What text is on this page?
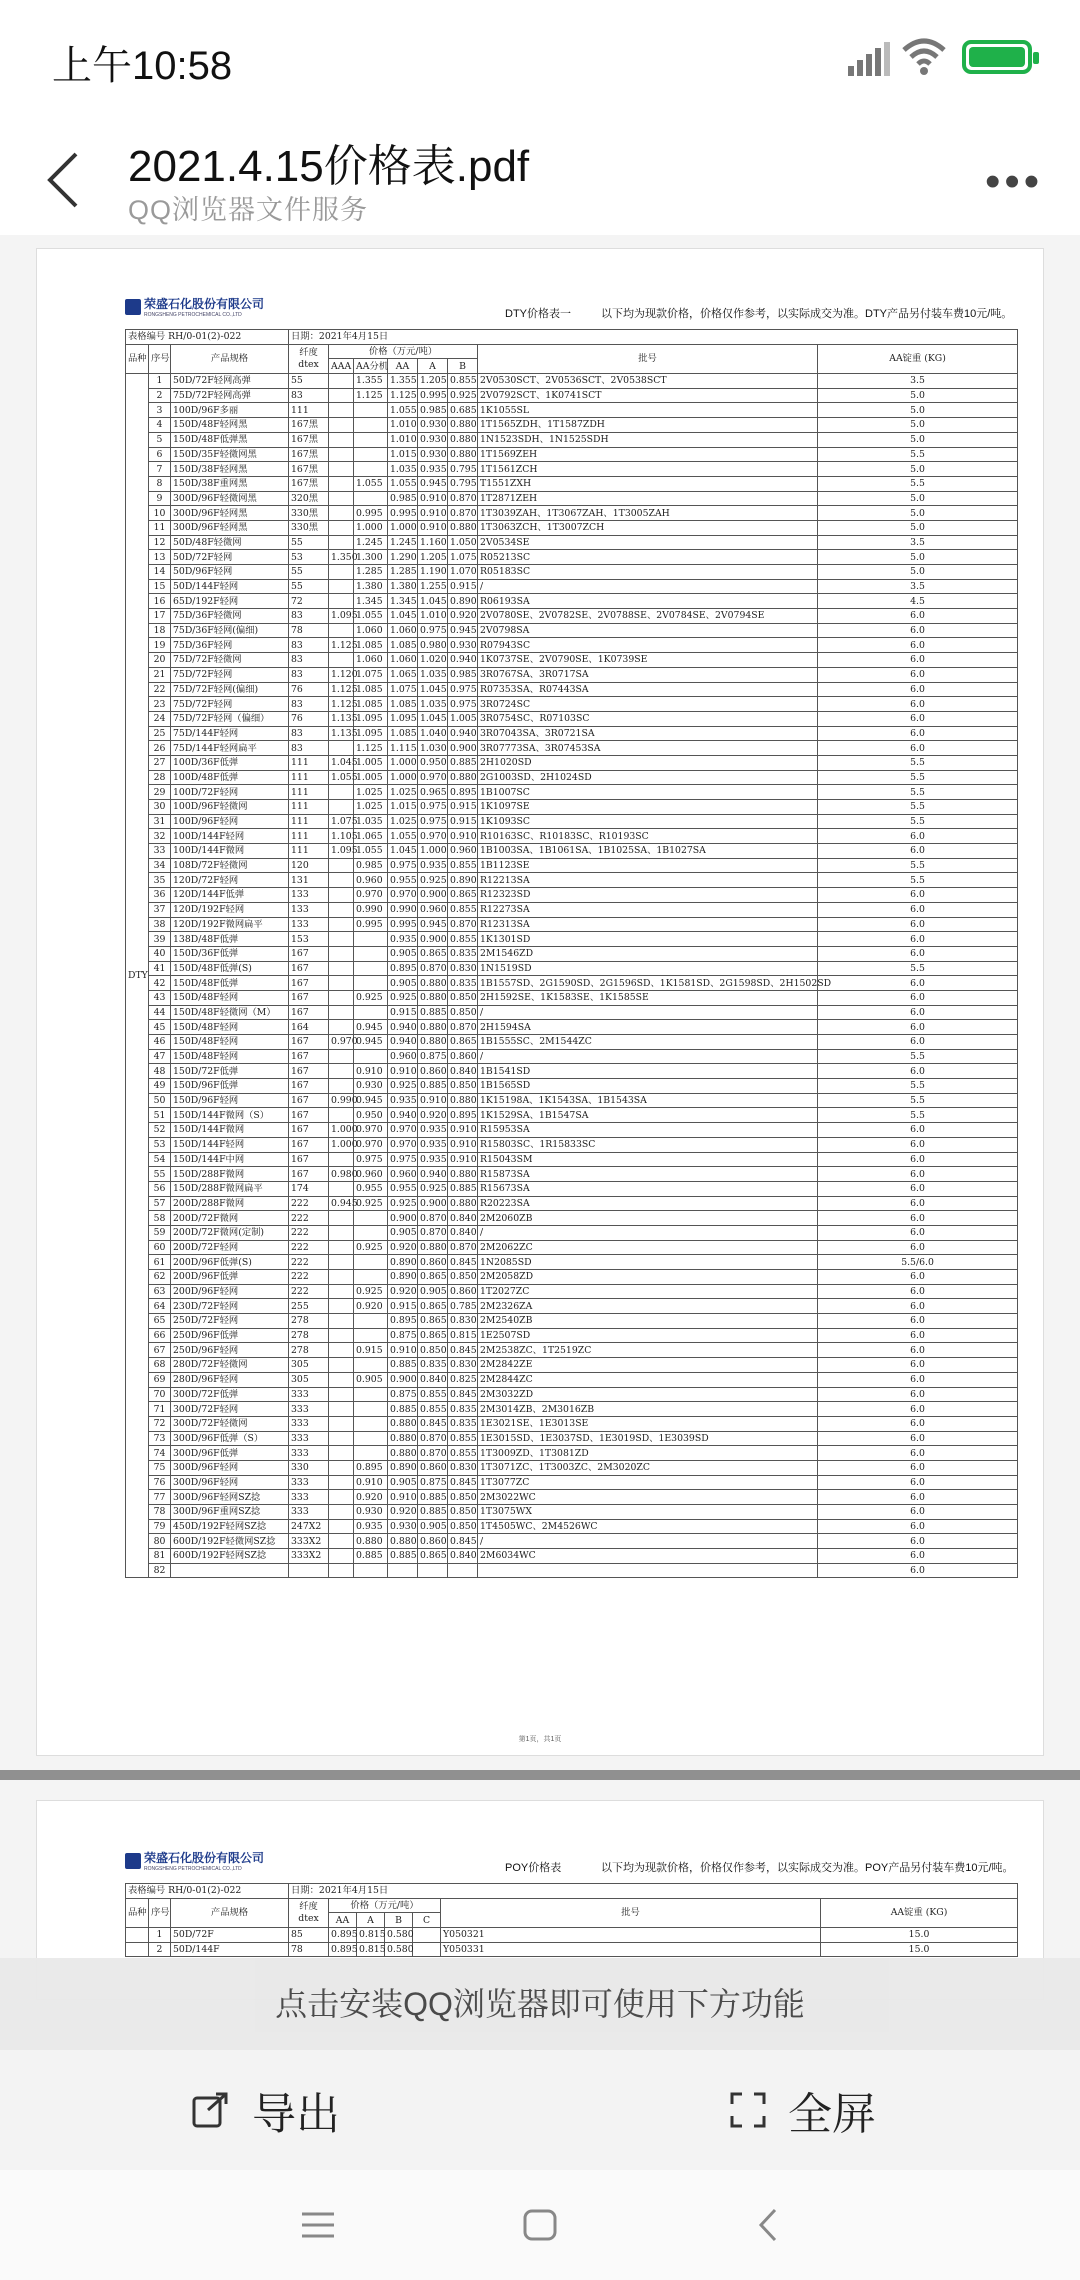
上午10:58
2021.4.15价格表.pdf
QQ浏览器文件服务
•••
荣盛石化股份有限公司
RONGSHENG PETROCHEMICAL CO.,LTD	DTY价格表一	以下均为现款价格，价格仅作参考，以实际成交为准。DTY产品另付装车费10元/吨。
表格编号 RH/0-01(2)-022			日期：2021年4月15日							
品种	序号	产品规格	纤度 dtex	价格（万元/吨）					批号	AA锭重 (KG)
				AAA	AA分机	AA	A	B		
DTY	1	50D/72F轻网高弹	55		1.355	1.355	1.205	0.855	2V0530SCT、2V0536SCT、2V0538SCT	3.5
	2	75D/72F轻网高弹	83		1.125	1.125	0.995	0.925	2V0792SCT、1K0741SCT	5.0
	3	100D/96F多丽	111			1.055	0.985	0.685	1K1055SL	5.0
	4	150D/48F轻网黑	167黑			1.010	0.930	0.880	1T1565ZDH、1T1587ZDH	5.0
	5	150D/48F低弹黑	167黑			1.010	0.930	0.880	1N1523SDH、1N1525SDH	5.0
	6	150D/35F轻微网黑	167黑			1.015	0.930	0.880	1T1569ZEH	5.5
	7	150D/38F轻网黑	167黑			1.035	0.935	0.795	1T1561ZCH	5.0
	8	150D/38F重网黑	167黑		1.055	1.055	0.945	0.795	T1551ZXH	5.5
	9	300D/96F轻微网黑	320黑			0.985	0.910	0.870	1T2871ZEH	5.0
	10	300D/96F轻网黑	330黑		0.995	0.995	0.910	0.870	1T3039ZAH、1T3067ZAH、1T3005ZAH	5.0
	11	300D/96F轻网黑	330黑		1.000	1.000	0.910	0.880	1T3063ZCH、1T3007ZCH	5.0
	12	50D/48F轻微网	55		1.245	1.245	1.160	1.050	2V0534SE	3.5
	13	50D/72F轻网	53	1.350	1.300	1.290	1.205	1.075	R05213SC	5.0
	14	50D/96F轻网	55		1.285	1.285	1.190	1.070	R05183SC	5.0
	15	50D/144F轻网	55		1.380	1.380	1.255	0.915	/	3.5
	16	65D/192F轻网	72		1.345	1.345	1.045	0.890	R06193SA	4.5
	17	75D/36F轻微网	83	1.095	1.055	1.045	1.010	0.920	2V0780SE、2V0782SE、2V0788SE、2V0784SE、2V0794SE	6.0
	18	75D/36F轻网(偏细)	78		1.060	1.060	0.975	0.945	2V0798SA	6.0
	19	75D/36F轻网	83	1.125	1.085	1.085	0.980	0.930	R07943SC	6.0
	20	75D/72F轻微网	83		1.060	1.060	1.020	0.940	1K0737SE、2V0790SE、1K0739SE	6.0
	21	75D/72F轻网	83	1.120	1.075	1.065	1.035	0.985	3R0767SA、3R0717SA	6.0
	22	75D/72F轻网(偏细)	76	1.125	1.085	1.075	1.045	0.975	R07353SA、R07443SA	6.0
	23	75D/72F轻网	83	1.125	1.085	1.085	1.035	0.975	3R0724SC	6.0
	24	75D/72F轻网（偏细）	76	1.135	1.095	1.095	1.045	1.005	3R0754SC、R07103SC	6.0
	25	75D/144F轻网	83	1.135	1.095	1.085	1.040	0.940	3R07043SA、3R0721SA	6.0
	26	75D/144F轻网扁平	83		1.125	1.115	1.030	0.900	3R07773SA、3R07453SA	6.0
	27	100D/36F低弹	111	1.045	1.005	1.000	0.950	0.885	2H1020SD	5.5
	28	100D/48F低弹	111	1.055	1.005	1.000	0.970	0.880	2G1003SD、2H1024SD	5.5
	29	100D/72F轻网	111		1.025	1.025	0.965	0.895	1B1007SC	5.5
	30	100D/96F轻微网	111		1.025	1.015	0.975	0.915	1K1097SE	5.5
	31	100D/96F轻网	111	1.075	1.035	1.025	0.975	0.915	1K1093SC	5.5
	32	100D/144F轻网	111	1.105	1.065	1.055	0.970	0.910	R10163SC、R10183SC、R10193SC	6.0
	33	100D/144F微网	111	1.095	1.055	1.045	1.000	0.960	1B1003SA、1B1061SA、1B1025SA、1B1027SA	6.0
	34	108D/72F轻微网	120		0.985	0.975	0.935	0.855	1B1123SE	5.5
	35	120D/72F轻网	131		0.960	0.955	0.925	0.890	R12213SA	5.5
	36	120D/144F低弹	133		0.970	0.970	0.900	0.865	R12323SD	6.0
	37	120D/192F轻网	133		0.990	0.990	0.960	0.855	R12273SA	6.0
	38	120D/192F微网扁平	133		0.995	0.995	0.945	0.870	R12313SA	6.0
	39	138D/48F低弹	153			0.935	0.900	0.855	1K1301SD	6.0
	40	150D/36F低弹	167			0.905	0.865	0.835	2M1546ZD	6.0
	41	150D/48F低弹(S)	167			0.895	0.870	0.830	1N1519SD	5.5
	42	150D/48F低弹	167			0.905	0.880	0.835	1B1557SD、2G1590SD、2G1596SD、1K1581SD、2G1598SD、2H1502SD	6.0
	43	150D/48F轻网	167		0.925	0.925	0.880	0.850	2H1592SE、1K1583SE、1K1585SE	6.0
	44	150D/48F轻微网（M）	167			0.915	0.885	0.850	/	6.0
	45	150D/48F轻网	164		0.945	0.940	0.880	0.870	2H1594SA	6.0
	46	150D/48F轻网	167	0.970	0.945	0.940	0.880	0.865	1B1555SC、2M1544ZC	6.0
	47	150D/48F轻网	167			0.960	0.875	0.860	/	5.5
	48	150D/72F低弹	167		0.910	0.910	0.860	0.840	1B1541SD	6.0
	49	150D/96F低弹	167		0.930	0.925	0.885	0.850	1B1565SD	5.5
	50	150D/96F轻网	167	0.990	0.945	0.935	0.910	0.880	1K15198A、1K1543SA、1B1543SA	5.5
	51	150D/144F微网（S）	167		0.950	0.940	0.920	0.895	1K1529SA、1B1547SA	5.5
	52	150D/144F微网	167	1.000	0.970	0.970	0.935	0.910	R15953SA	6.0
	53	150D/144F轻网	167	1.000	0.970	0.970	0.935	0.910	R15803SC、1R15833SC	6.0
	54	150D/144F中网	167		0.975	0.975	0.935	0.910	R15043SM	6.0
	55	150D/288F微网	167	0.980	0.960	0.960	0.940	0.880	R15873SA	6.0
	56	150D/288F微网扁平	174		0.955	0.955	0.925	0.885	R15673SA	6.0
	57	200D/288F微网	222	0.945	0.925	0.925	0.900	0.880	R20223SA	6.0
	58	200D/72F微网	222			0.900	0.870	0.840	2M2060ZB	6.0
	59	200D/72F微网(定制)	222			0.905	0.870	0.840	/	6.0
	60	200D/72F轻网	222		0.925	0.920	0.880	0.870	2M2062ZC	6.0
	61	200D/96F低弹(S)	222			0.890	0.860	0.845	1N2085SD	5.5/6.0
	62	200D/96F低弹	222			0.890	0.865	0.850	2M2058ZD	6.0
	63	200D/96F轻网	222		0.925	0.920	0.905	0.860	1T2027ZC	6.0
	64	230D/72F轻网	255		0.920	0.915	0.865	0.785	2M2326ZA	6.0
	65	250D/72F轻网	278			0.895	0.865	0.830	2M2540ZB	6.0
	66	250D/96F低弹	278			0.875	0.865	0.815	1E2507SD	6.0
	67	250D/96F轻网	278		0.915	0.910	0.850	0.845	2M2538ZC、1T2519ZC	6.0
	68	280D/72F轻微网	305			0.885	0.835	0.830	2M2842ZE	6.0
	69	280D/96F轻网	305		0.905	0.900	0.840	0.825	2M2844ZC	6.0
	70	300D/72F低弹	333			0.875	0.855	0.845	2M3032ZD	6.0
	71	300D/72F轻网	333			0.885	0.855	0.835	2M3014ZB、2M3016ZB	6.0
	72	300D/72F轻微网	333			0.880	0.845	0.835	1E3021SE、1E3013SE	6.0
	73	300D/96F低弹（S）	333			0.880	0.870	0.855	1E3015SD、1E3037SD、1E3019SD、1E3039SD	6.0
	74	300D/96F低弹	333			0.880	0.870	0.855	1T3009ZD、1T3081ZD	6.0
	75	300D/96F轻网	330		0.895	0.890	0.860	0.830	1T3071ZC、1T3003ZC、2M3020ZC	6.0
	76	300D/96F轻网	333		0.910	0.905	0.875	0.845	1T3077ZC	6.0
	77	300D/96F轻网SZ捻	333		0.920	0.910	0.885	0.850	2M3022WC	6.0
	78	300D/96F重网SZ捻	333		0.930	0.920	0.885	0.850	1T3075WX	6.0
	79	450D/192F轻网SZ捻	247X2		0.935	0.930	0.905	0.850	1T4505WC、2M4526WC	6.0
	80	600D/192F轻微网SZ捻	333X2		0.880	0.880	0.860	0.845	/	6.0
	81	600D/192F轻网SZ捻	333X2		0.885	0.885	0.865	0.840	2M6034WC	6.0
	82									6.0
第1页，共1页
荣盛石化股份有限公司
RONGSHENG PETROCHEMICAL CO.,LTD	POY价格表	以下均为现款价格，价格仅作参考，以实际成交为准。POY产品另付装车费10元/吨。
表格编号 RH/0-01(2)-022			日期：2021年4月15日						
品种	序号	产品规格	纤度 dtex	价格（万元/吨）				批号	AA锭重 (KG)
				AA	A	B	C		
	1	50D/72F	85	0.895	0.815	0.580		Y050321	15.0
	2	50D/144F	78	0.895	0.815	0.580		Y050331	15.0
点击安装QQ浏览器即可使用下方功能
导出	全屏
